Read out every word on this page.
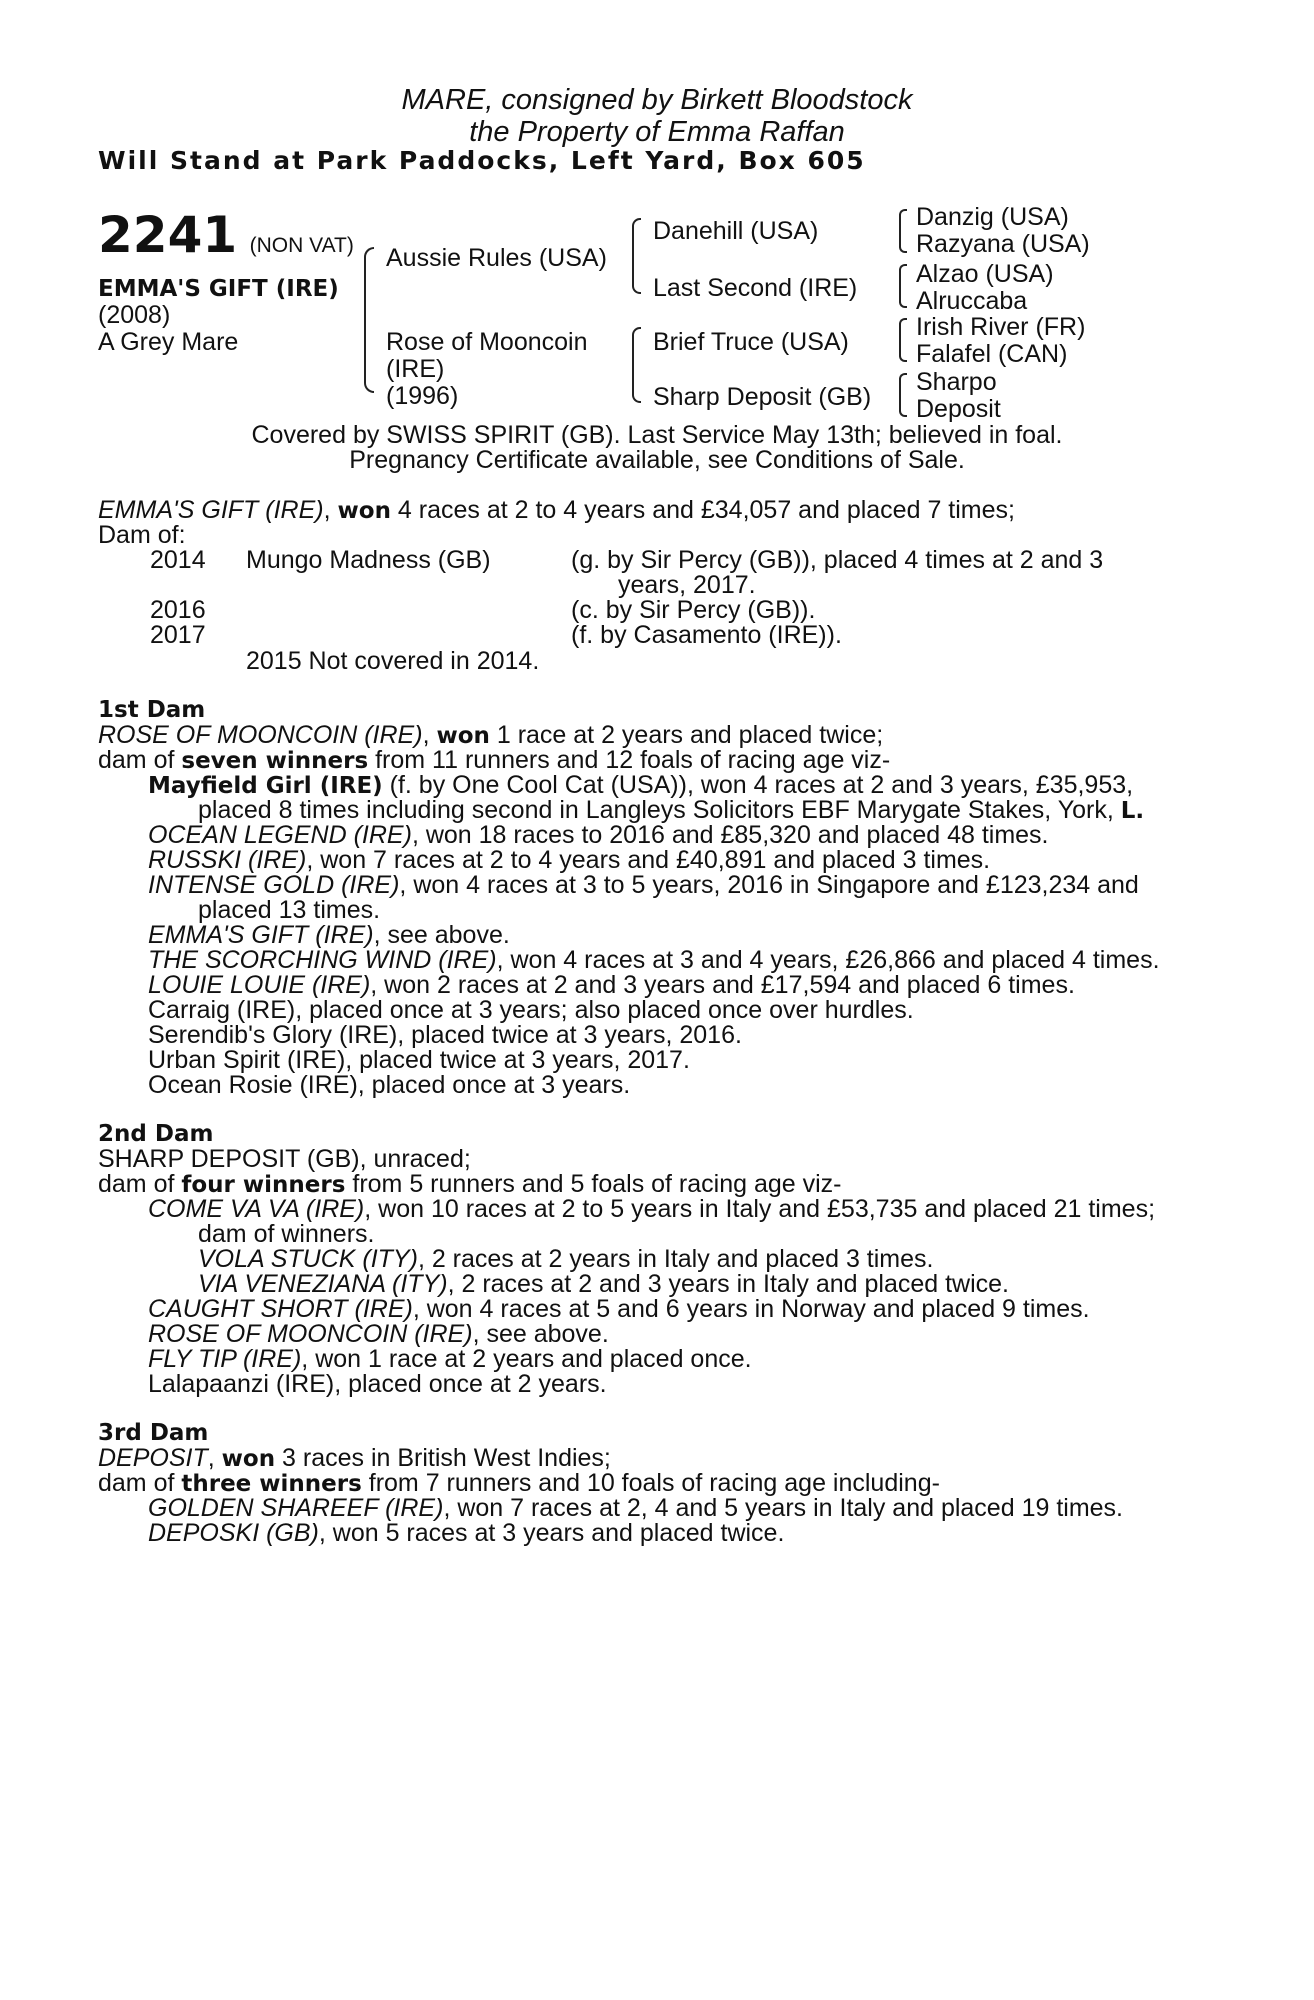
MARE, consigned by Birkett Bloodstock
the Property of Emma Raffan
Will Stand at Park Paddocks, Left Yard, Box 605
2241 (NON VAT)
EMMA'S GIFT (IRE)
(2008)
A Grey Mare
Aussie Rules (USA)
Rose of Mooncoin
(IRE)
(1996)
Danehill (USA)
Last Second (IRE)
Brief Truce (USA)
Sharp Deposit (GB)
Danzig (USA)
Razyana (USA)
Alzao (USA)
Alruccaba
Irish River (FR)
Falafel (CAN)
Sharpo
Deposit
Covered by SWISS SPIRIT (GB). Last Service May 13th; believed in foal.
Pregnancy Certificate available, see Conditions of Sale.
EMMA'S GIFT (IRE), won 4 races at 2 to 4 years and £34,057 and placed 7 times;
Dam of:
2014 Mungo Madness (GB)	(g. by Sir Percy (GB)), placed 4 times at 2 and 3
years, 2017.
2016	(c. by Sir Percy (GB)).
2017	(f. by Casamento (IRE)).
2015 Not covered in 2014.
1st Dam
ROSE OF MOONCOIN (IRE), won 1 race at 2 years and placed twice;
dam of seven winners from 11 runners and 12 foals of racing age viz-
Mayfield Girl (IRE) (f. by One Cool Cat (USA)), won 4 races at 2 and 3 years, £35,953,
placed 8 times including second in Langleys Solicitors EBF Marygate Stakes, York, L.
OCEAN LEGEND (IRE), won 18 races to 2016 and £85,320 and placed 48 times.
RUSSKI (IRE), won 7 races at 2 to 4 years and £40,891 and placed 3 times.
INTENSE GOLD (IRE), won 4 races at 3 to 5 years, 2016 in Singapore and £123,234 and
placed 13 times.
EMMA'S GIFT (IRE), see above.
THE SCORCHING WIND (IRE), won 4 races at 3 and 4 years, £26,866 and placed 4 times.
LOUIE LOUIE (IRE), won 2 races at 2 and 3 years and £17,594 and placed 6 times.
Carraig (IRE), placed once at 3 years; also placed once over hurdles.
Serendib's Glory (IRE), placed twice at 3 years, 2016.
Urban Spirit (IRE), placed twice at 3 years, 2017.
Ocean Rosie (IRE), placed once at 3 years.
2nd Dam
SHARP DEPOSIT (GB), unraced;
dam of four winners from 5 runners and 5 foals of racing age viz-
COME VA VA (IRE), won 10 races at 2 to 5 years in Italy and £53,735 and placed 21 times;
dam of winners.
VOLA STUCK (ITY), 2 races at 2 years in Italy and placed 3 times.
VIA VENEZIANA (ITY), 2 races at 2 and 3 years in Italy and placed twice.
CAUGHT SHORT (IRE), won 4 races at 5 and 6 years in Norway and placed 9 times.
ROSE OF MOONCOIN (IRE), see above.
FLY TIP (IRE), won 1 race at 2 years and placed once.
Lalapaanzi (IRE), placed once at 2 years.
3rd Dam
DEPOSIT, won 3 races in British West Indies;
dam of three winners from 7 runners and 10 foals of racing age including-
GOLDEN SHAREEF (IRE), won 7 races at 2, 4 and 5 years in Italy and placed 19 times.
DEPOSKI (GB), won 5 races at 3 years and placed twice.
